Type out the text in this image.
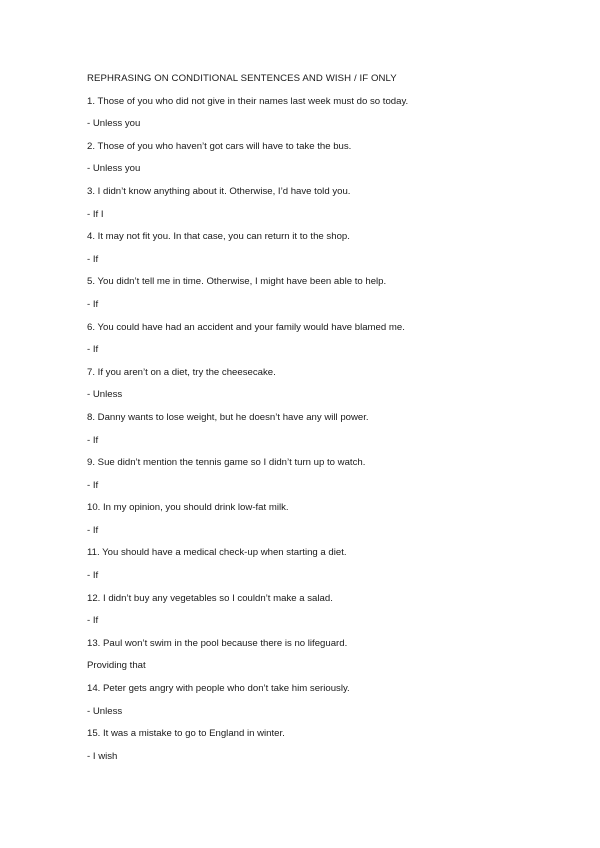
REPHRASING ON CONDITIONAL SENTENCES AND WISH / IF ONLY
1. Those of you who did not give in their names last week must do so today.
- Unless you
2. Those of you who haven’t got cars will have to take the bus.
- Unless you
3. I didn’t know anything about it. Otherwise, I’d have told you.
- If I
4. It may not fit you. In that case, you can return it to the shop.
- If
5. You didn’t tell me in time. Otherwise, I might have been able to help.
- If
6. You could have had an accident and your family would have blamed me.
- If
7. If you aren’t on a diet, try the cheesecake.
- Unless
8. Danny wants to lose weight, but he doesn’t have any will power.
- If
9. Sue didn’t mention the tennis game so I didn’t turn up to watch.
- If
10. In my opinion, you should drink low-fat milk.
- If
11. You should have a medical check-up when starting a diet.
- If
12. I didn’t buy any vegetables so I couldn’t make a salad.
- If
13. Paul won’t swim in the pool because there is no lifeguard.
Providing that
14. Peter gets angry with people who don’t take him seriously.
- Unless
15. It was a mistake to go to England in winter.
- I wish
